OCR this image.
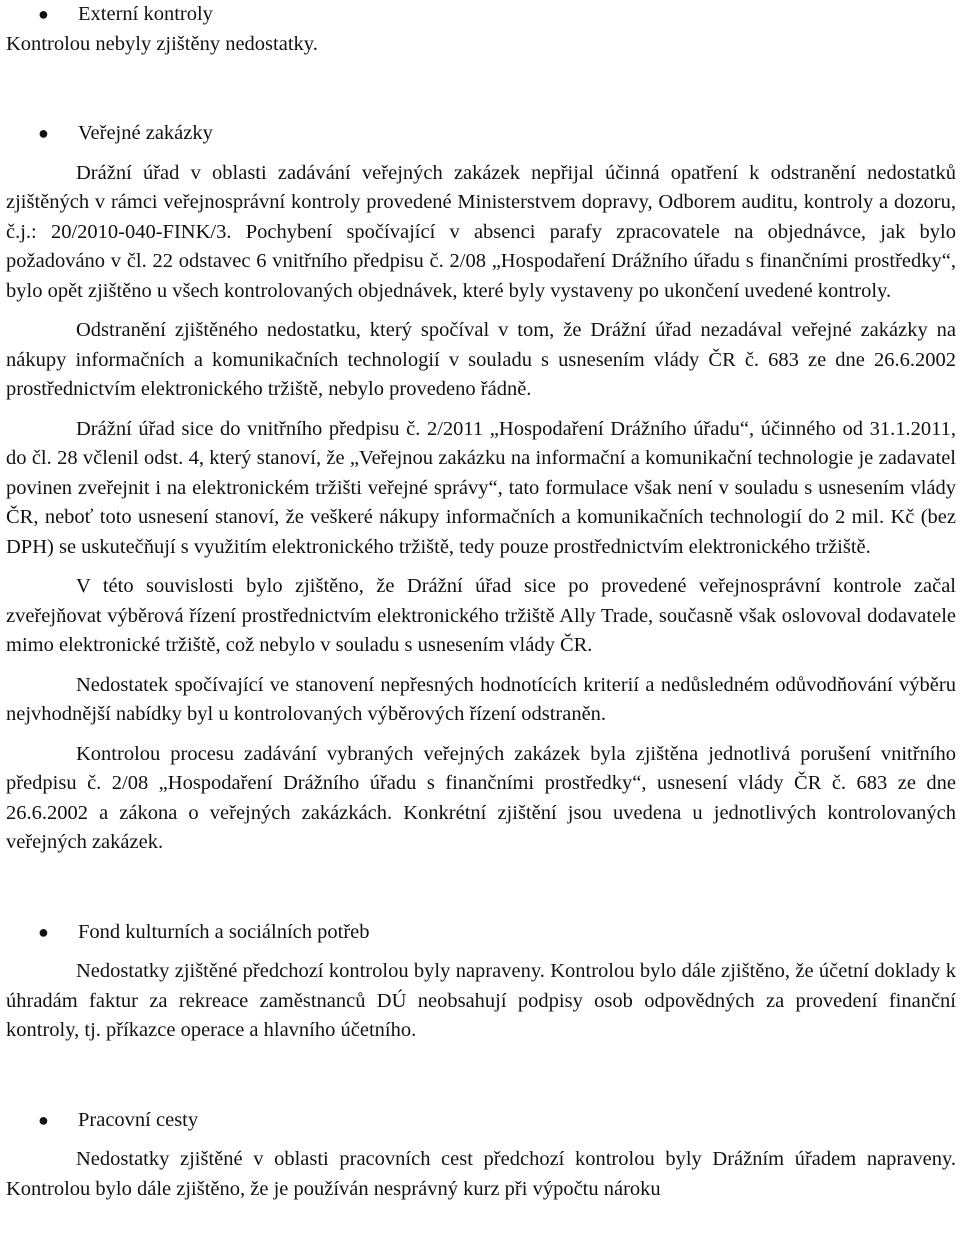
●	Externí kontroly

Kontrolou nebyly zjištěny nedostatky.

●	Veřejné zakázky

Drážní úřad v oblasti zadávání veřejných zakázek nepřijal účinná opatření k odstranění nedostatků zjištěných v rámci veřejnosprávní kontroly provedené Ministerstvem dopravy, Odborem auditu, kontroly a dozoru, č.j.: 20/2010-040-FINK/3. Pochybení spočívající v absenci parafy zpracovatele na objednávce, jak bylo požadováno v čl. 22 odstavec 6 vnitřního předpisu č. 2/08 „Hospodaření Drážního úřadu s finančními prostředky“, bylo opět zjištěno u všech kontrolovaných objednávek, které byly vystaveny po ukončení uvedené kontroly.

Odstranění zjištěného nedostatku, který spočíval v tom, že Drážní úřad nezadával veřejné zakázky na nákupy informačních a komunikačních technologií v souladu s usnesením vlády ČR č. 683 ze dne 26.6.2002 prostřednictvím elektronického tržiště, nebylo provedeno řádně.

Drážní úřad sice do vnitřního předpisu č. 2/2011 „Hospodaření Drážního úřadu“, účinného od 31.1.2011, do čl. 28 včlenil odst. 4, který stanoví, že „Veřejnou zakázku na informační a komunikační technologie je zadavatel povinen zveřejnit i na elektronickém tržišti veřejné správy“, tato formulace však není v souladu s usnesením vlády ČR, neboť toto usnesení stanoví, že veškeré nákupy informačních a komunikačních technologií do 2 mil. Kč (bez DPH) se uskutečňují s využitím elektronického tržiště, tedy pouze prostřednictvím elektronického tržiště.

V této souvislosti bylo zjištěno, že Drážní úřad sice po provedené veřejnosprávní kontrole začal zveřejňovat výběrová řízení prostřednictvím elektronického tržiště Ally Trade, současně však oslovoval dodavatele mimo elektronické tržiště, což nebylo v souladu s usnesením vlády ČR.

Nedostatek spočívající ve stanovení nepřesných hodnotících kriterií a nedůsledném odůvodňování výběru nejvhodnější nabídky byl u kontrolovaných výběrových řízení odstraněn.

Kontrolou procesu zadávání vybraných veřejných zakázek byla zjištěna jednotlivá porušení vnitřního předpisu č. 2/08 „Hospodaření Drážního úřadu s finančními prostředky“, usnesení vlády ČR č. 683 ze dne 26.6.2002 a zákona o veřejných zakázkách. Konkrétní zjištění jsou uvedena u jednotlivých kontrolovaných veřejných zakázek.

●	Fond kulturních a sociálních potřeb

Nedostatky zjištěné předchozí kontrolou byly napraveny. Kontrolou bylo dále zjištěno, že účetní doklady k úhradám faktur za rekreace zaměstnanců DÚ neobsahují podpisy osob odpovědných za provedení finanční kontroly, tj. příkazce operace a hlavního účetního.

●	Pracovní cesty

Nedostatky zjištěné v oblasti pracovních cest předchozí kontrolou byly Drážním úřadem napraveny. Kontrolou bylo dále zjištěno, že je používán nesprávný kurz při výpočtu nároku
